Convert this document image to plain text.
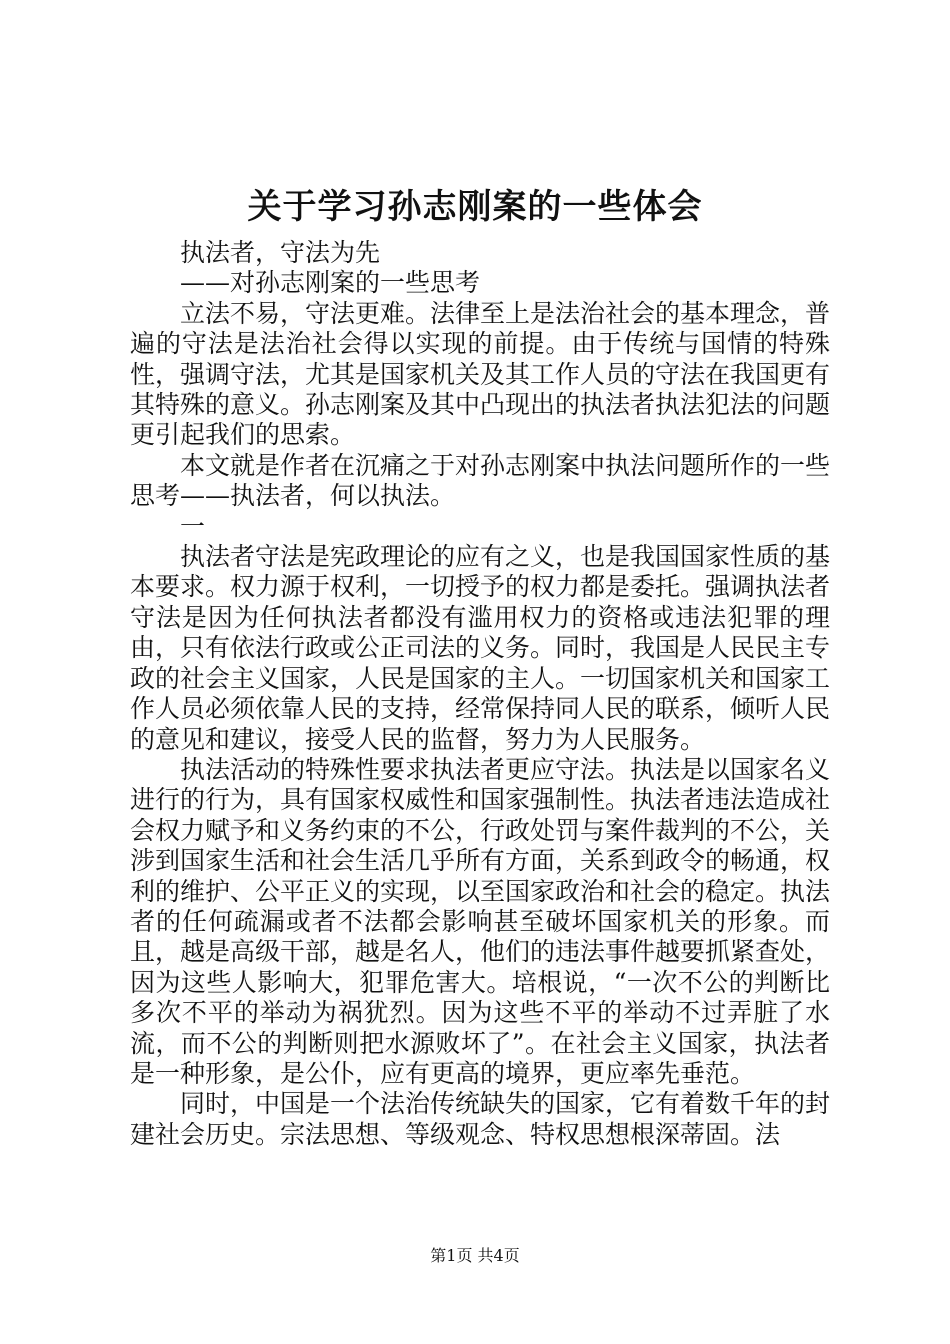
关于学习孙志刚案的一些体会

执法者，守法为先

——对孙志刚案的一些思考

立法不易，守法更难。法律至上是法治社会的基本理念，普遍的守法是法治社会得以实现的前提。由于传统与国情的特殊性，强调守法，尤其是国家机关及其工作人员的守法在我国更有其特殊的意义。孙志刚案及其中凸现出的执法者执法犯法的问题更引起我们的思索。

本文就是作者在沉痛之于对孙志刚案中执法问题所作的一些思考——执法者，何以执法。

一

执法者守法是宪政理论的应有之义，也是我国国家性质的基本要求。权力源于权利，一切授予的权力都是委托。强调执法者守法是因为任何执法者都没有滥用权力的资格或违法犯罪的理由，只有依法行政或公正司法的义务。同时，我国是人民民主专政的社会主义国家，人民是国家的主人。一切国家机关和国家工作人员必须依靠人民的支持，经常保持同人民的联系，倾听人民的意见和建议，接受人民的监督，努力为人民服务。

执法活动的特殊性要求执法者更应守法。执法是以国家名义进行的行为，具有国家权威性和国家强制性。执法者违法造成社会权力赋予和义务约束的不公，行政处罚与案件裁判的不公，关涉到国家生活和社会生活几乎所有方面，关系到政令的畅通，权利的维护、公平正义的实现，以至国家政治和社会的稳定。执法者的任何疏漏或者不法都会影响甚至破坏国家机关的形象。而且，越是高级干部，越是名人，他们的违法事件越要抓紧查处，因为这些人影响大，犯罪危害大。培根说，“一次不公的判断比多次不平的举动为祸犹烈。因为这些不平的举动不过弄脏了水流，而不公的判断则把水源败坏了”。在社会主义国家，执法者是一种形象，是公仆，应有更高的境界，更应率先垂范。

同时，中国是一个法治传统缺失的国家，它有着数千年的封建社会历史。宗法思想、等级观念、特权思想根深蒂固。法

第1页 共4页
